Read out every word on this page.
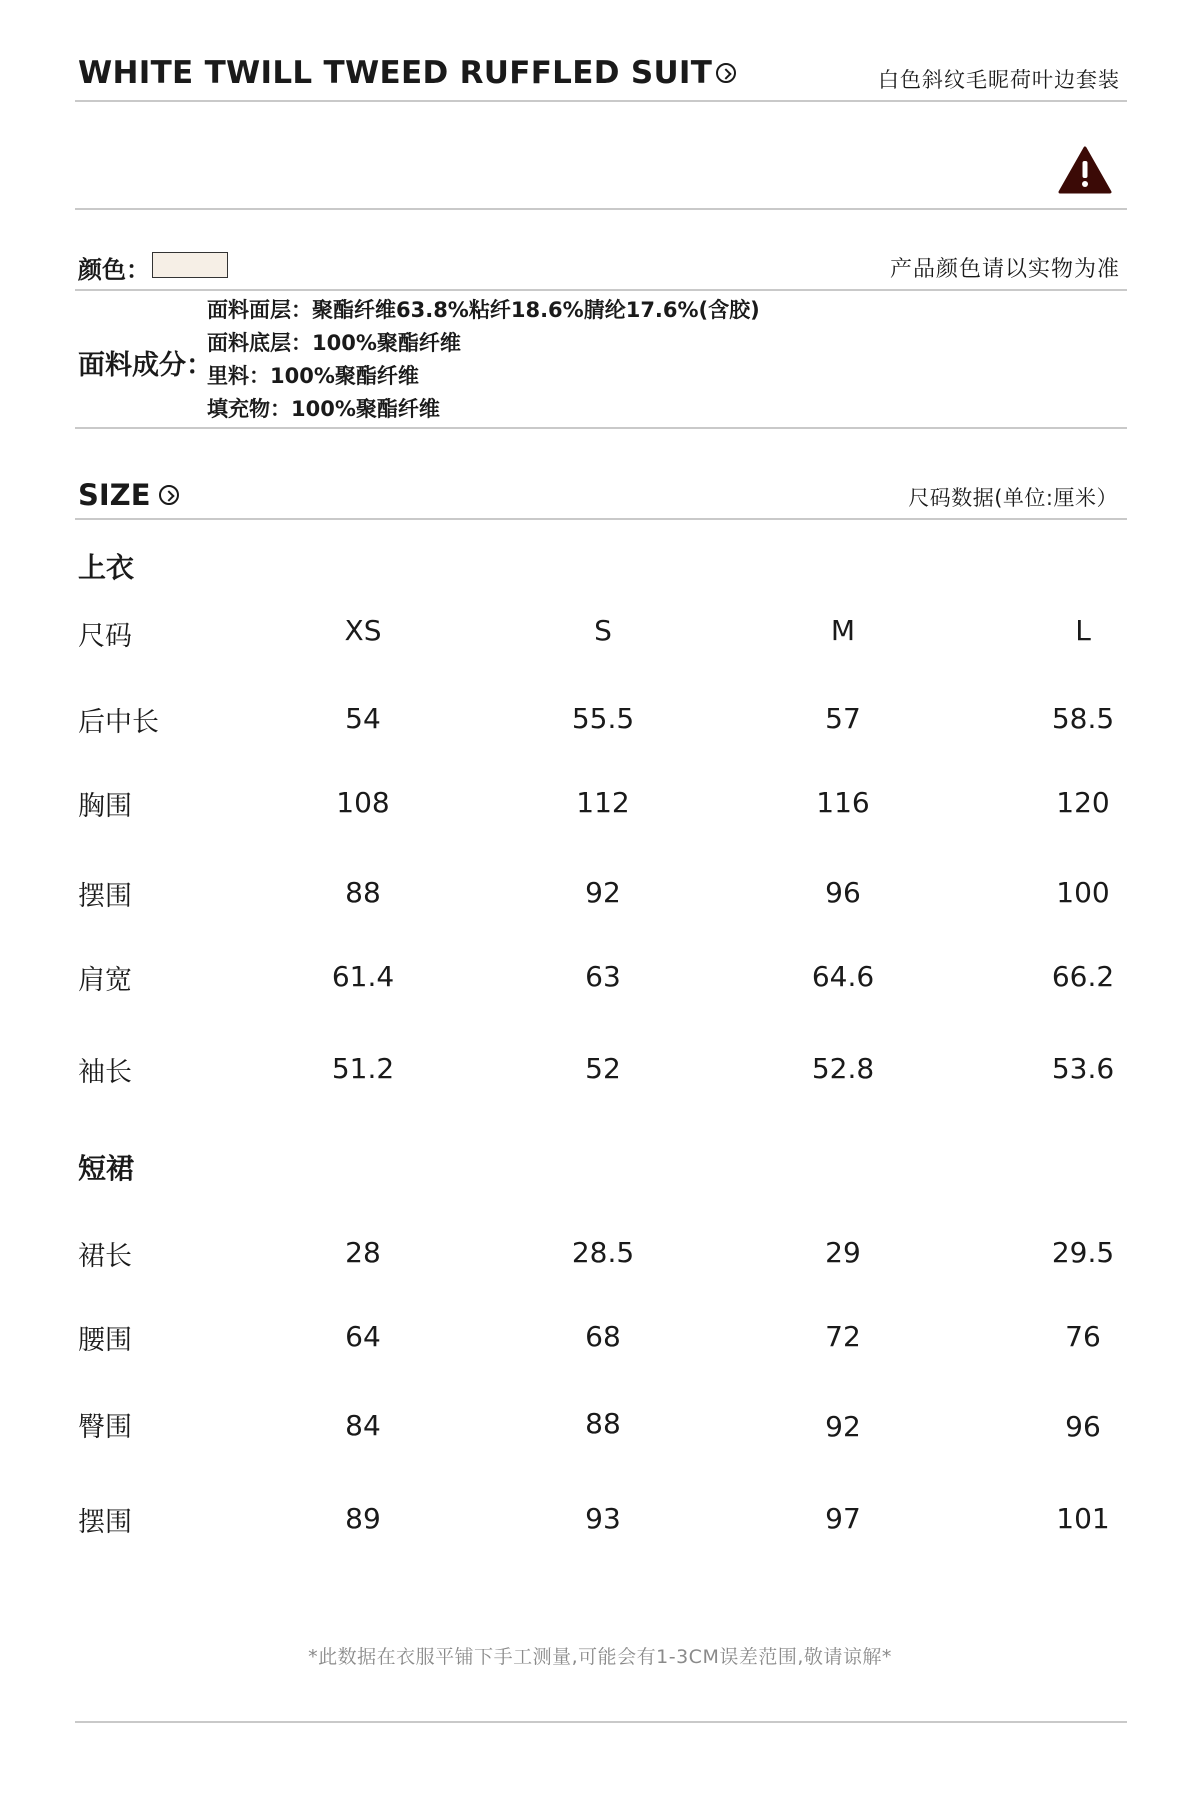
WHITE TWILL TWEED RUFFLED SUIT	白色斜纹毛昵荷叶边套装
颜色：	产品颜色请以实物为准
面料成分：
面料面层：聚酯纤维63.8%粘纤18.6%腈纶17.6%(含胶)
面料底层：100%聚酯纤维
里料：100%聚酯纤维
填充物：100%聚酯纤维
SIZE	尺码数据(单位:厘米）
上衣
尺码	XS	S	M	L
后中长	54	55.5	57	58.5
胸围	108	112	116	120
摆围	88	92	96	100
肩宽	61.4	63	64.6	66.2
袖长	51.2	52	52.8	53.6
短裙
裙长	28	28.5	29	29.5
腰围	64	68	72	76
臀围	84	88	92	96
摆围	89	93	97	101
*此数据在衣服平铺下手工测量,可能会有1-3CM误差范围,敬请谅解*
